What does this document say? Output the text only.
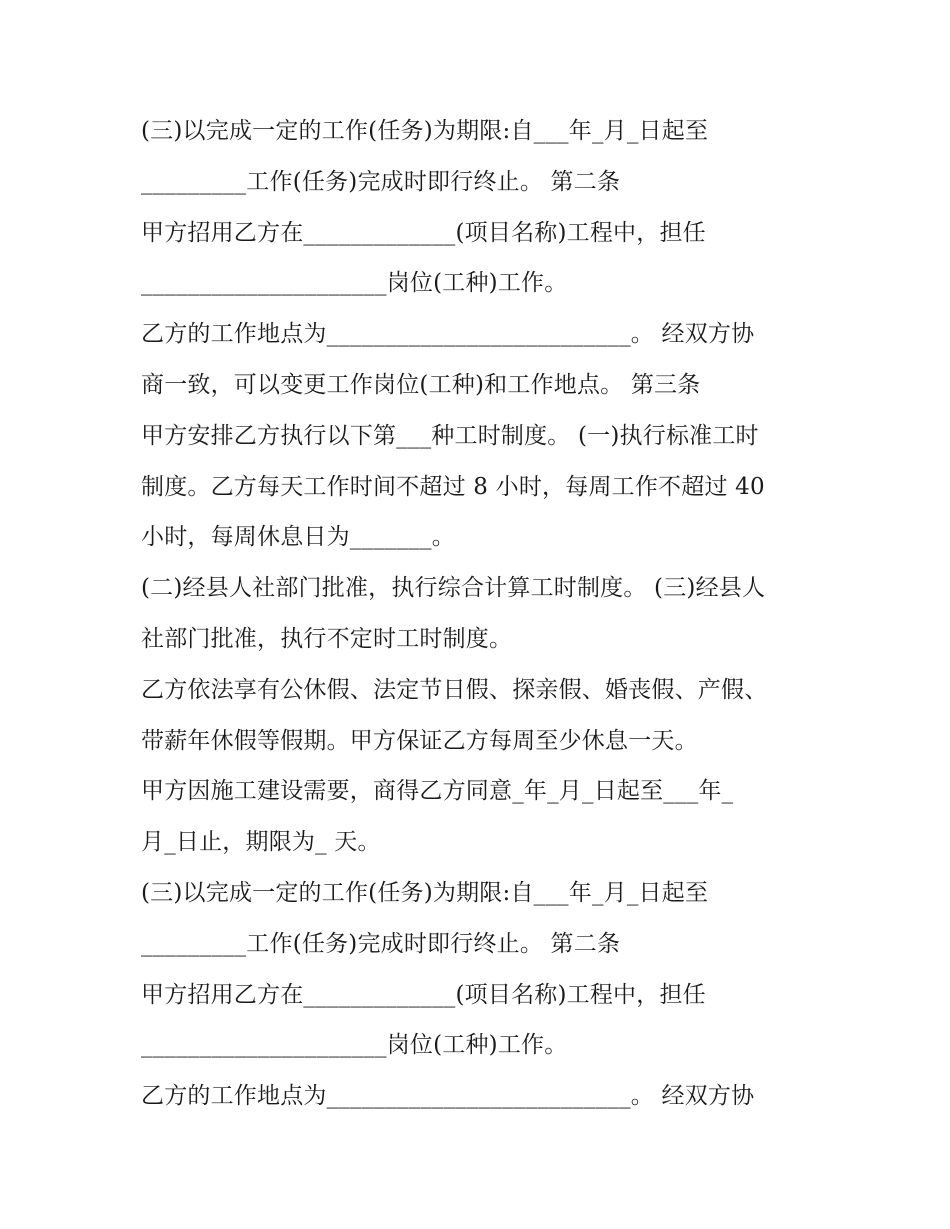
(三)以完成一定的工作(任务)为期限:自___年_月_日起至
_________工作(任务)完成时即行终止。 第二条
甲方招用乙方在_____________(项目名称)工程中，担任
_____________________岗位(工种)工作。
乙方的工作地点为__________________________。 经双方协
商一致，可以变更工作岗位(工种)和工作地点。 第三条
甲方安排乙方执行以下第___种工时制度。 (一)执行标准工时
制度。乙方每天工作时间不超过 8 小时，每周工作不超过 40
小时，每周休息日为_______。
(二)经县人社部门批准，执行综合计算工时制度。 (三)经县人
社部门批准，执行不定时工时制度。
乙方依法享有公休假、法定节日假、探亲假、婚丧假、产假、
带薪年休假等假期。甲方保证乙方每周至少休息一天。
甲方因施工建设需要，商得乙方同意_年_月_日起至___年_
月_日止，期限为_ 天。
(三)以完成一定的工作(任务)为期限:自___年_月_日起至
_________工作(任务)完成时即行终止。 第二条
甲方招用乙方在_____________(项目名称)工程中，担任
_____________________岗位(工种)工作。
乙方的工作地点为__________________________。 经双方协
